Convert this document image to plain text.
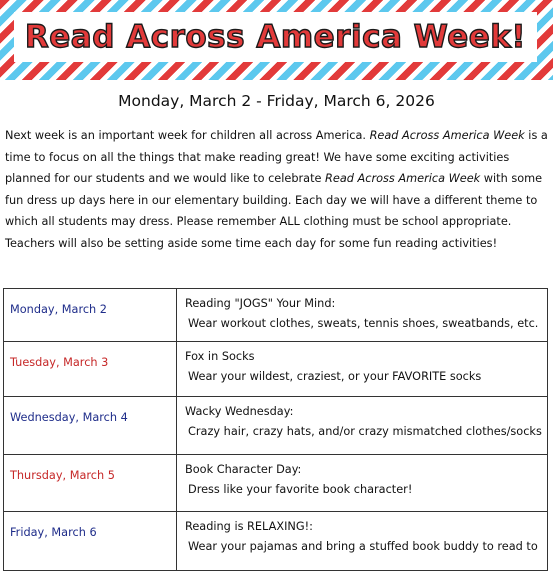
Read Across America Week!
Monday, March 2 - Friday, March 6, 2026
Next week is an important week for children all across America. Read Across America Week is a time to focus on all the things that make reading great! We have some exciting activities planned for our students and we would like to celebrate Read Across America Week with some fun dress up days here in our elementary building. Each day we will have a different theme to which all students may dress. Please remember ALL clothing must be school appropriate. Teachers will also be setting aside some time each day for some fun reading activities!
Monday, March 2	Reading "JOGS" Your Mind:
Wear workout clothes, sweats, tennis shoes, sweatbands, etc.

Tuesday, March 3	Fox in Socks
Wear your wildest, craziest, or your FAVORITE socks

Wednesday, March 4	Wacky Wednesday:
Crazy hair, crazy hats, and/or crazy mismatched clothes/socks

Thursday, March 5	Book Character Day:
Dress like your favorite book character!

Friday, March 6	Reading is RELAXING!:
Wear your pajamas and bring a stuffed book buddy to read to
